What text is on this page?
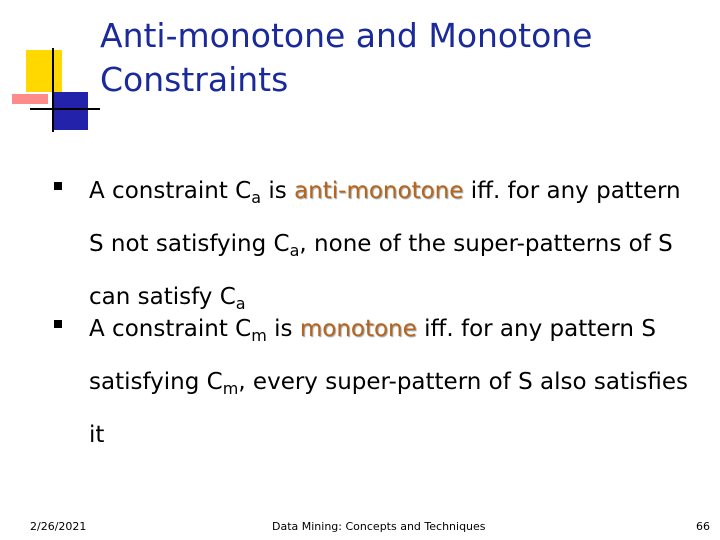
Anti-monotone and Monotone Constraints
A constraint $C_a$ is anti-monotone iff. for any pattern S not satisfying $C_a$, none of the super-patterns of S can satisfy $C_a$
A constraint $C_m$ is monotone iff. for any pattern S satisfying $C_m$, every super-pattern of S also satisfies it
2/26/2021	Data Mining: Concepts and Techniques	66
